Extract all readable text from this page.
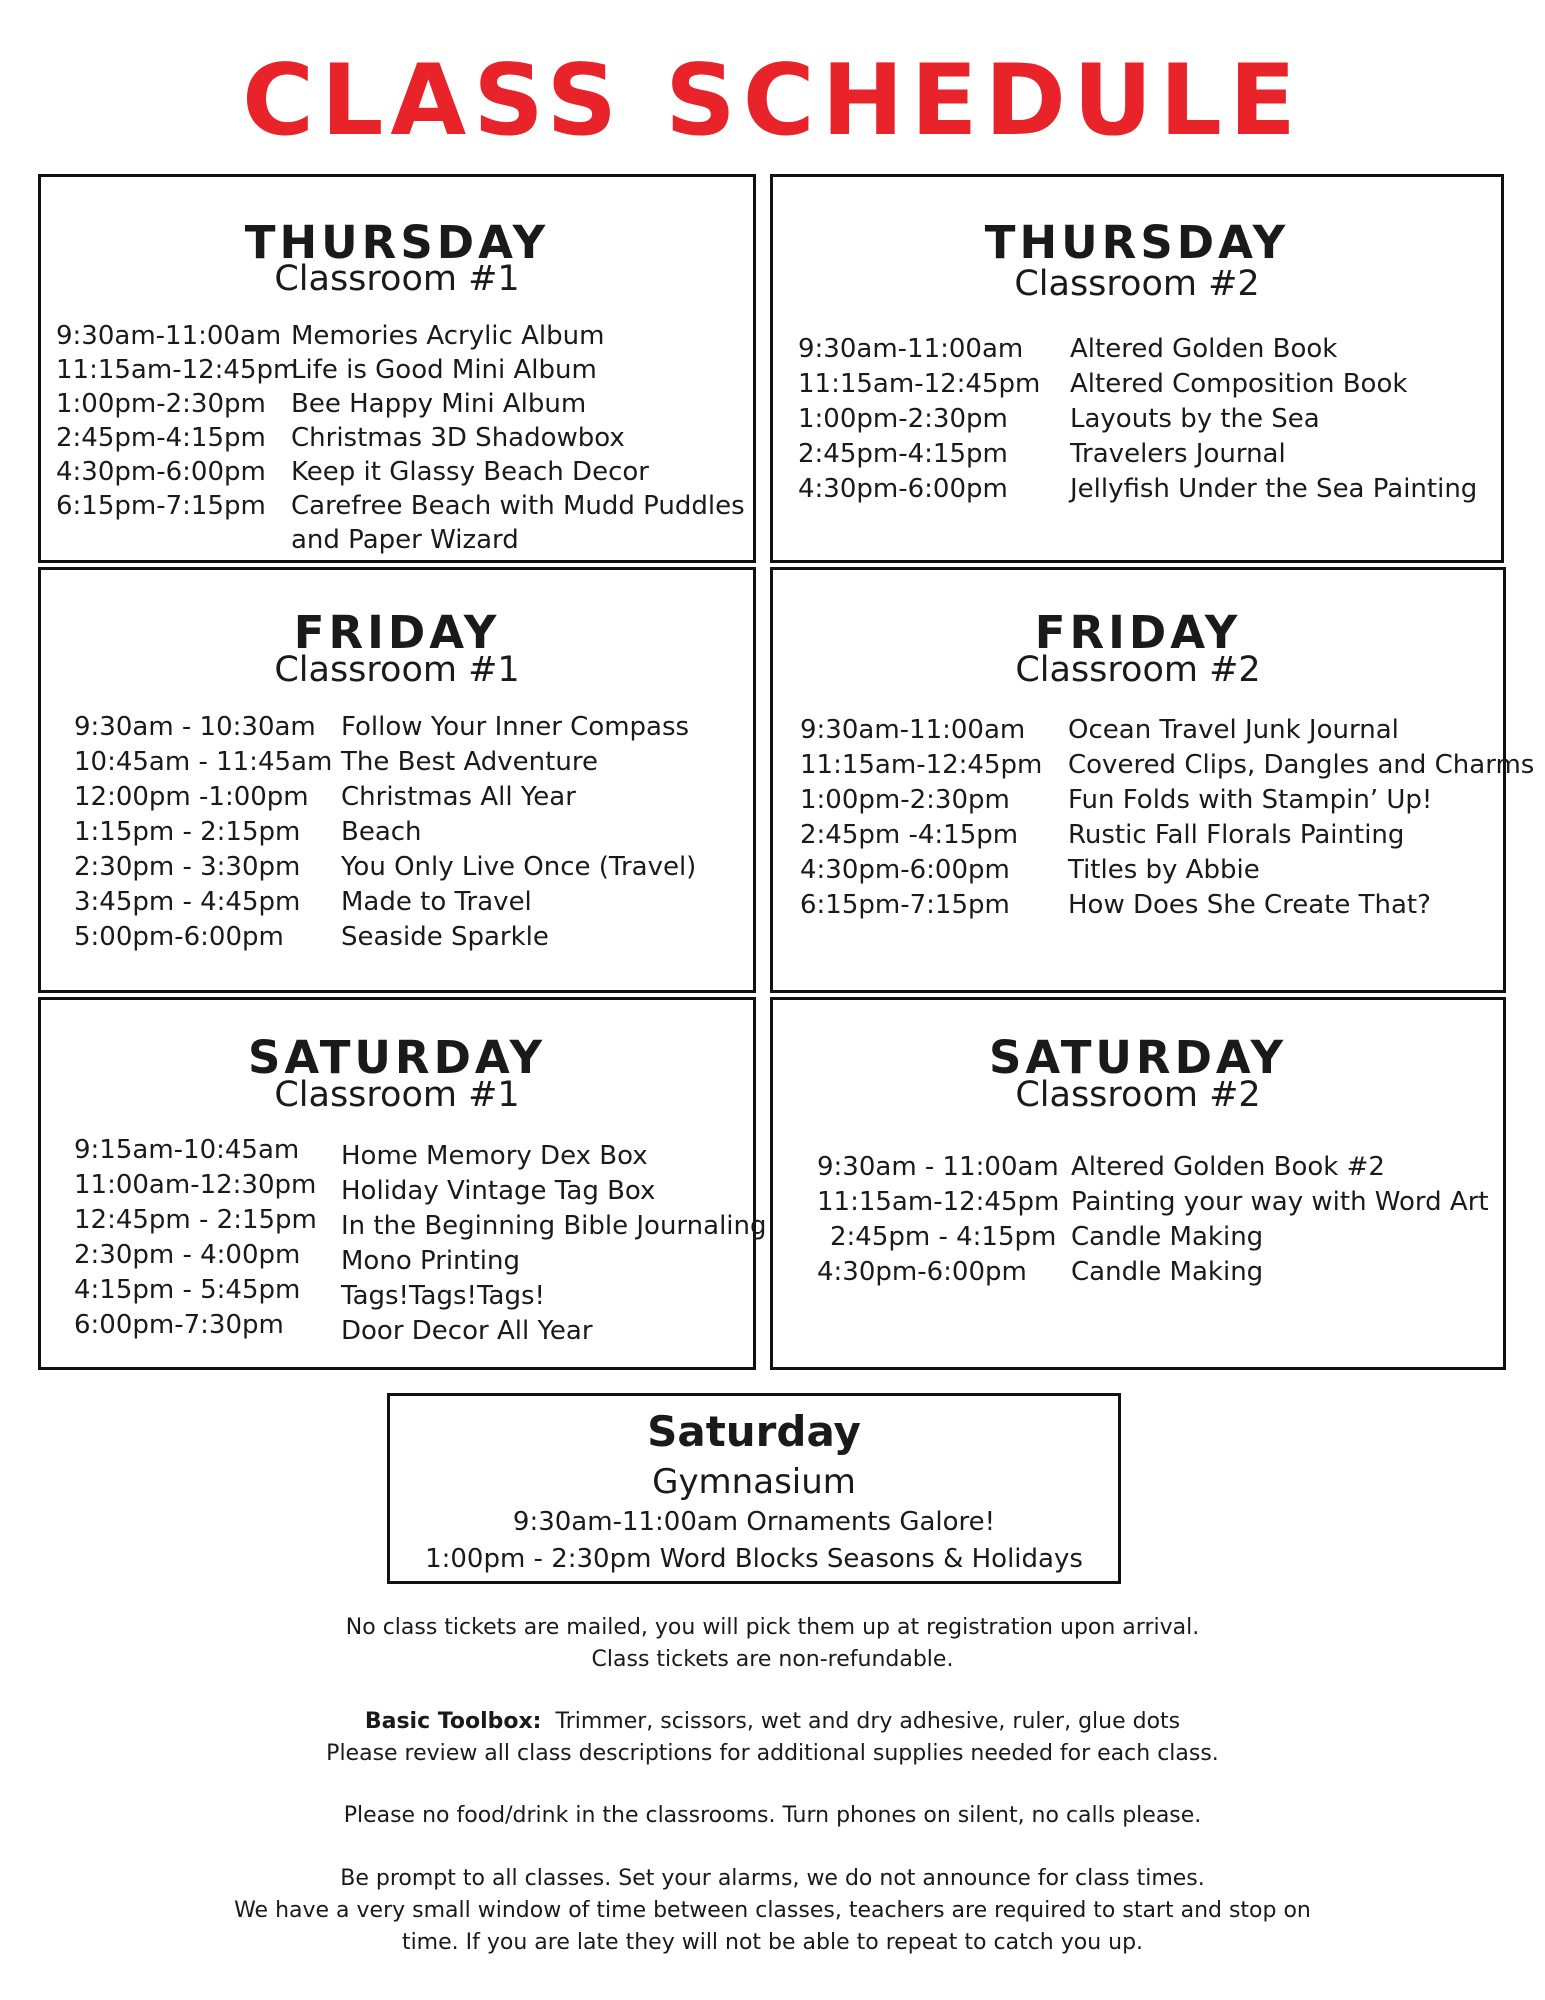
CLASS SCHEDULE
THURSDAY
Classroom #1
9:30am-11:00am Memories Acrylic Album
11:15am-12:45pm
Life is Good Mini Album
1:00pm-2:30pm Bee Happy Mini Album
2:45pm-4:15pm Christmas 3D Shadowbox
4:30pm-6:00pm Keep it Glassy Beach Decor
6:15pm-7:15pm Carefree Beach with Mudd Puddles
and Paper Wizard
THURSDAY
Classroom #2
9:30am-11:00am Altered Golden Book
11:15am-12:45pm Altered Composition Book
1:00pm-2:30pm Layouts by the Sea
2:45pm-4:15pm Travelers Journal
4:30pm-6:00pm Jellyfish Under the Sea Painting
FRIDAY
Classroom #1
9:30am - 10:30am Follow Your Inner Compass
10:45am - 11:45am The Best Adventure
12:00pm -1:00pm Christmas All Year
1:15pm - 2:15pm Beach
2:30pm - 3:30pm You Only Live Once (Travel)
3:45pm - 4:45pm Made to Travel
5:00pm-6:00pm Seaside Sparkle
FRIDAY
Classroom #2
9:30am-11:00am Ocean Travel Junk Journal
11:15am-12:45pm Covered Clips, Dangles and Charms
1:00pm-2:30pm Fun Folds with Stampin’ Up!
2:45pm -4:15pm Rustic Fall Florals Painting
4:30pm-6:00pm Titles by Abbie
6:15pm-7:15pm How Does She Create That?
SATURDAY
Classroom #1
9:15am-10:45am Home Memory Dex Box
11:00am-12:30pm Holiday Vintage Tag Box
12:45pm - 2:15pm In the Beginning Bible Journaling
2:30pm - 4:00pm Mono Printing
4:15pm - 5:45pm Tags!Tags!Tags!
6:00pm-7:30pm Door Decor All Year
SATURDAY
Classroom #2
9:30am - 11:00am Altered Golden Book #2
11:15am-12:45pm Painting your way with Word Art
2:45pm - 4:15pm Candle Making
4:30pm-6:00pm Candle Making
Saturday
Gymnasium
9:30am-11:00am Ornaments Galore!
1:00pm - 2:30pm Word Blocks Seasons & Holidays
No class tickets are mailed, you will pick them up at registration upon arrival.
Class tickets are non-refundable.
Basic Toolbox: Trimmer, scissors, wet and dry adhesive, ruler, glue dots
Please review all class descriptions for additional supplies needed for each class.
Please no food/drink in the classrooms. Turn phones on silent, no calls please.
Be prompt to all classes. Set your alarms, we do not announce for class times.
We have a very small window of time between classes, teachers are required to start and stop on
time. If you are late they will not be able to repeat to catch you up.
